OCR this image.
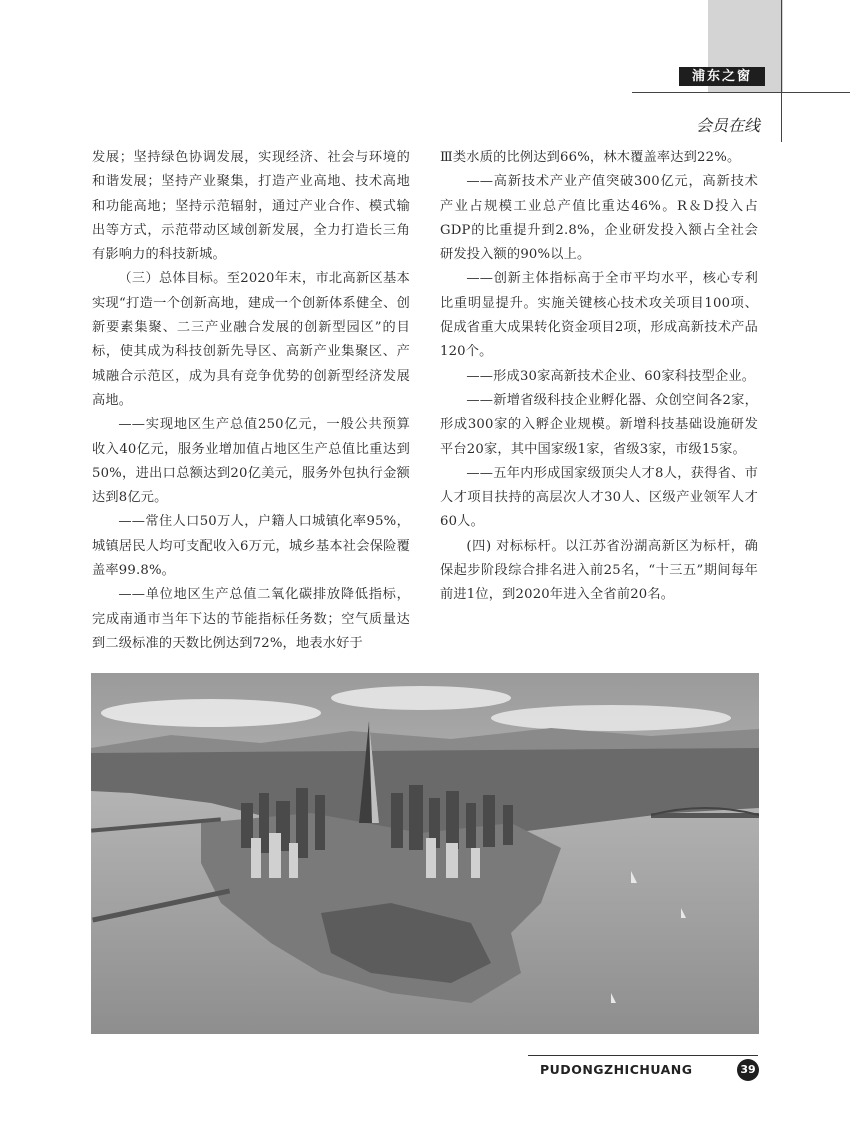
浦东之窗
会员在线

发展；坚持绿色协调发展，实现经济、社会与环境的和谐发展；坚持产业聚集，打造产业高地、技术高地和功能高地；坚持示范辐射，通过产业合作、模式输出等方式，示范带动区域创新发展，全力打造长三角有影响力的科技新城。

（三）总体目标。至2020年末，市北高新区基本实现“打造一个创新高地，建成一个创新体系健全、创新要素集聚、二三产业融合发展的创新型园区”的目标，使其成为科技创新先导区、高新产业集聚区、产城融合示范区，成为具有竞争优势的创新型经济发展高地。

——实现地区生产总值250亿元，一般公共预算收入40亿元，服务业增加值占地区生产总值比重达到50%，进出口总额达到20亿美元，服务外包执行金额达到8亿元。

——常住人口50万人，户籍人口城镇化率95%，城镇居民人均可支配收入6万元，城乡基本社会保险覆盖率99.8%。

——单位地区生产总值二氧化碳排放降低指标，完成南通市当年下达的节能指标任务数；空气质量达到二级标准的天数比例达到72%，地表水好于

Ⅲ类水质的比例达到66%，林木覆盖率达到22%。

——高新技术产业产值突破300亿元，高新技术产业占规模工业总产值比重达46%。R＆D投入占GDP的比重提升到2.8%，企业研发投入额占全社会研发投入额的90%以上。

——创新主体指标高于全市平均水平，核心专利比重明显提升。实施关键核心技术攻关项目100项、促成省重大成果转化资金项目2项，形成高新技术产品120个。

——形成30家高新技术企业、60家科技型企业。

——新增省级科技企业孵化器、众创空间各2家，形成300家的入孵企业规模。新增科技基础设施研发平台20家，其中国家级1家，省级3家，市级15家。

——五年内形成国家级顶尖人才8人，获得省、市人才项目扶持的高层次人才30人、区级产业领军人才60人。

(四) 对标标杆。以江苏省汾湖高新区为标杆，确保起步阶段综合排名进入前25名，“十三五”期间每年前进1位，到2020年进入全省前20名。

PUDONGZHICHUANG	39
